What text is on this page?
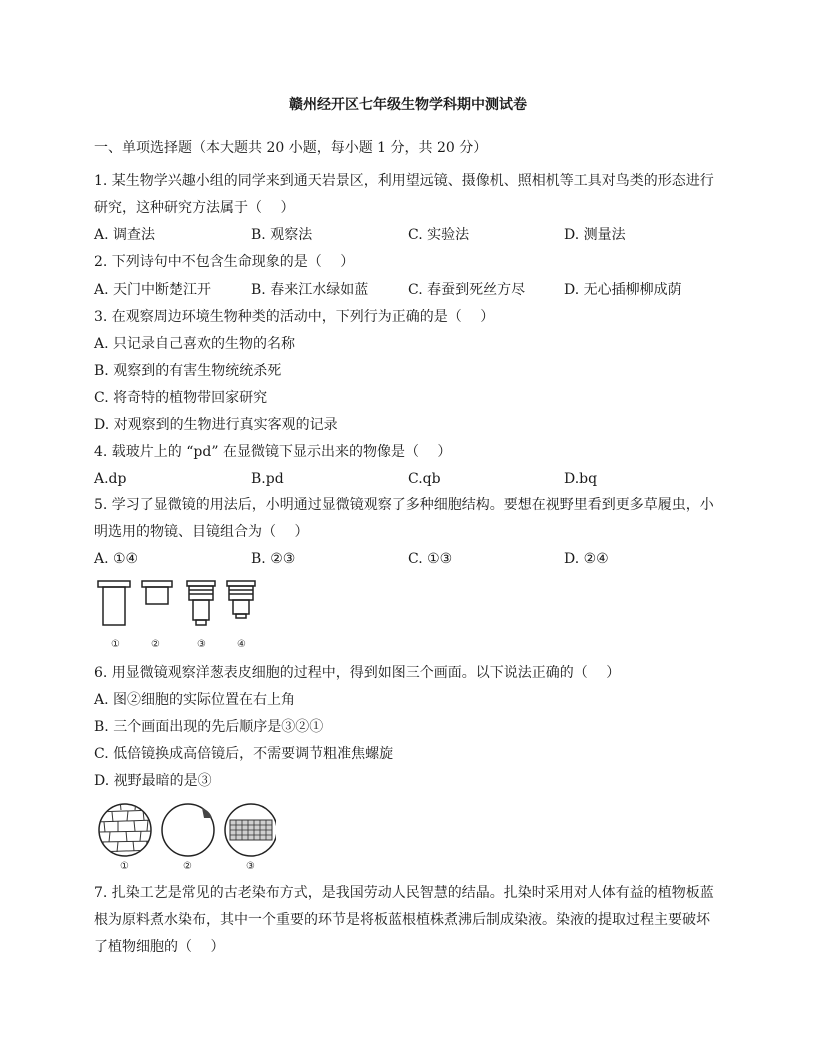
赣州经开区七年级生物学科期中测试卷
一、单项选择题（本大题共 20 小题，每小题 1 分，共 20 分）
1. 某生物学兴趣小组的同学来到通天岩景区，利用望远镜、摄像机、照相机等工具对鸟类的形态进行
研究，这种研究方法属于（　 ）
A. 调查法	B. 观察法	C. 实验法	D. 测量法
2. 下列诗句中不包含生命现象的是（　 ）
A. 天门中断楚江开	B. 春来江水绿如蓝	C. 春蚕到死丝方尽	D. 无心插柳柳成荫
3. 在观察周边环境生物种类的活动中，下列行为正确的是（　 ）
A. 只记录自己喜欢的生物的名称
B. 观察到的有害生物统统杀死
C. 将奇特的植物带回家研究
D. 对观察到的生物进行真实客观的记录
4. 载玻片上的 “pd” 在显微镜下显示出来的物像是（　 ）
A.dp	B.pd	C.qb	D.bq
5. 学习了显微镜的用法后，小明通过显微镜观察了多种细胞结构。要想在视野里看到更多草履虫，小
明选用的物镜、目镜组合为（　 ）
A. ①④	B. ②③	C. ①③	D. ②④
①	②	③	④
6. 用显微镜观察洋葱表皮细胞的过程中，得到如图三个画面。以下说法正确的（　 ）
A. 图②细胞的实际位置在右上角
B. 三个画面出现的先后顺序是③②①
C. 低倍镜换成高倍镜后，不需要调节粗准焦螺旋
D. 视野最暗的是③
①	②	③
7. 扎染工艺是常见的古老染布方式，是我国劳动人民智慧的结晶。扎染时采用对人体有益的植物板蓝
根为原料煮水染布，其中一个重要的环节是将板蓝根植株煮沸后制成染液。染液的提取过程主要破坏
了植物细胞的（　 ）
